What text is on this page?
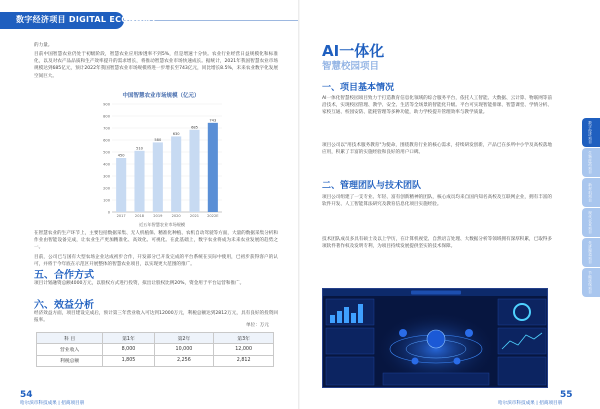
数字经济项目 DIGITAL ECONOMY
的力量。
目前中国智慧农业仍处于初级阶段，智慧农业应用渗透率不到5%，但是增速十分快。农业行业经营日益规模化和标准化，以及对农产品品质和生产效率提升的需求增长，将推动智慧农业市场快速成长。据统计，2021年我国智慧农业市场规模达到685亿元，预计2022年我国智慧农业市场规模将进一步增长至743亿元，同比增长8.5%，未来农业数字化发展空间巨大。
中国智慧农业市场规模（亿元）
450
510
580
630
685
743
2017	2018	2019	2020	2021 2022E
0
100
200
300
400
500
600
700
800
900
近五年智慧农业市场规模
在智慧农业的生产环节上，主要包括数据采集、无人机植保、精准化种植、农机自动驾驶等方面，大量的数据采集分析和作业由智能设备完成，让农业生产更加精准化、高效化、可视化。在此基础上，数字农业将成为未来农业发展的趋势之一。
目前，公司已与国有大型农场企业达成初步合作，开发部分已开发完成的平台系统在实际中使用，已初步获得客户的认可，并将于今年底在示范区开展整体的智慧农业项目，以实现更大范围的推广。
五、合作方式
项目计划融资总额4000万元，以股权方式进行投资，拟出让股权比例20%，资金用于平台运营和推广。
六、效益分析
经济效益方面，项目建设完成后，预计第三年营业收入可达到12000万元，利税总额达到2812万元，具有良好的投资回报率。
单位：万元
科 目	第1年	第2年	第3年
营业收入	8,000	10,000	12,000
利税总额	1,805	2,256	2,812
54
哈尔滨市科技成果 | 招商项目册
AI一体化
智慧校园项目
一、项目基本情况
AI一体化智慧校园项目致力于打造教育信息化领域的综合服务平台，依托人工智能、大数据、云计算、物联网等前沿技术，实现校园管理、教学、安全、生活等全场景的智能化升级。平台可实现智能排课、智慧课堂、学情分析、家校互通、校园安防、能耗管理等多种功能，助力学校提升管理效率与教学质量。
项目公司以"用技术服务教育"为使命，围绕教育行业的核心需求，持续研发创新，产品已在多所中小学及高校落地应用，积累了丰富的实施经验和良好的用户口碑。
二、管理团队与技术团队
项目公司组建了一支专业、年轻、富有创新精神的团队，核心成员均来自国内知名高校及互联网企业，拥有丰富的软件开发、人工智能算法研究及教育信息化项目实施经验。
技术团队成员多具有硕士及以上学历，在计算机视觉、自然语言处理、大数据分析等领域拥有深厚积累，已取得多项软件著作权及发明专利，为项目持续发展提供坚实的技术保障。
数字经济项目
生物医药项目
新材料项目
现代农业项目
先进制造项目
节能环保项目
55
哈尔滨市科技成果 | 招商项目册
